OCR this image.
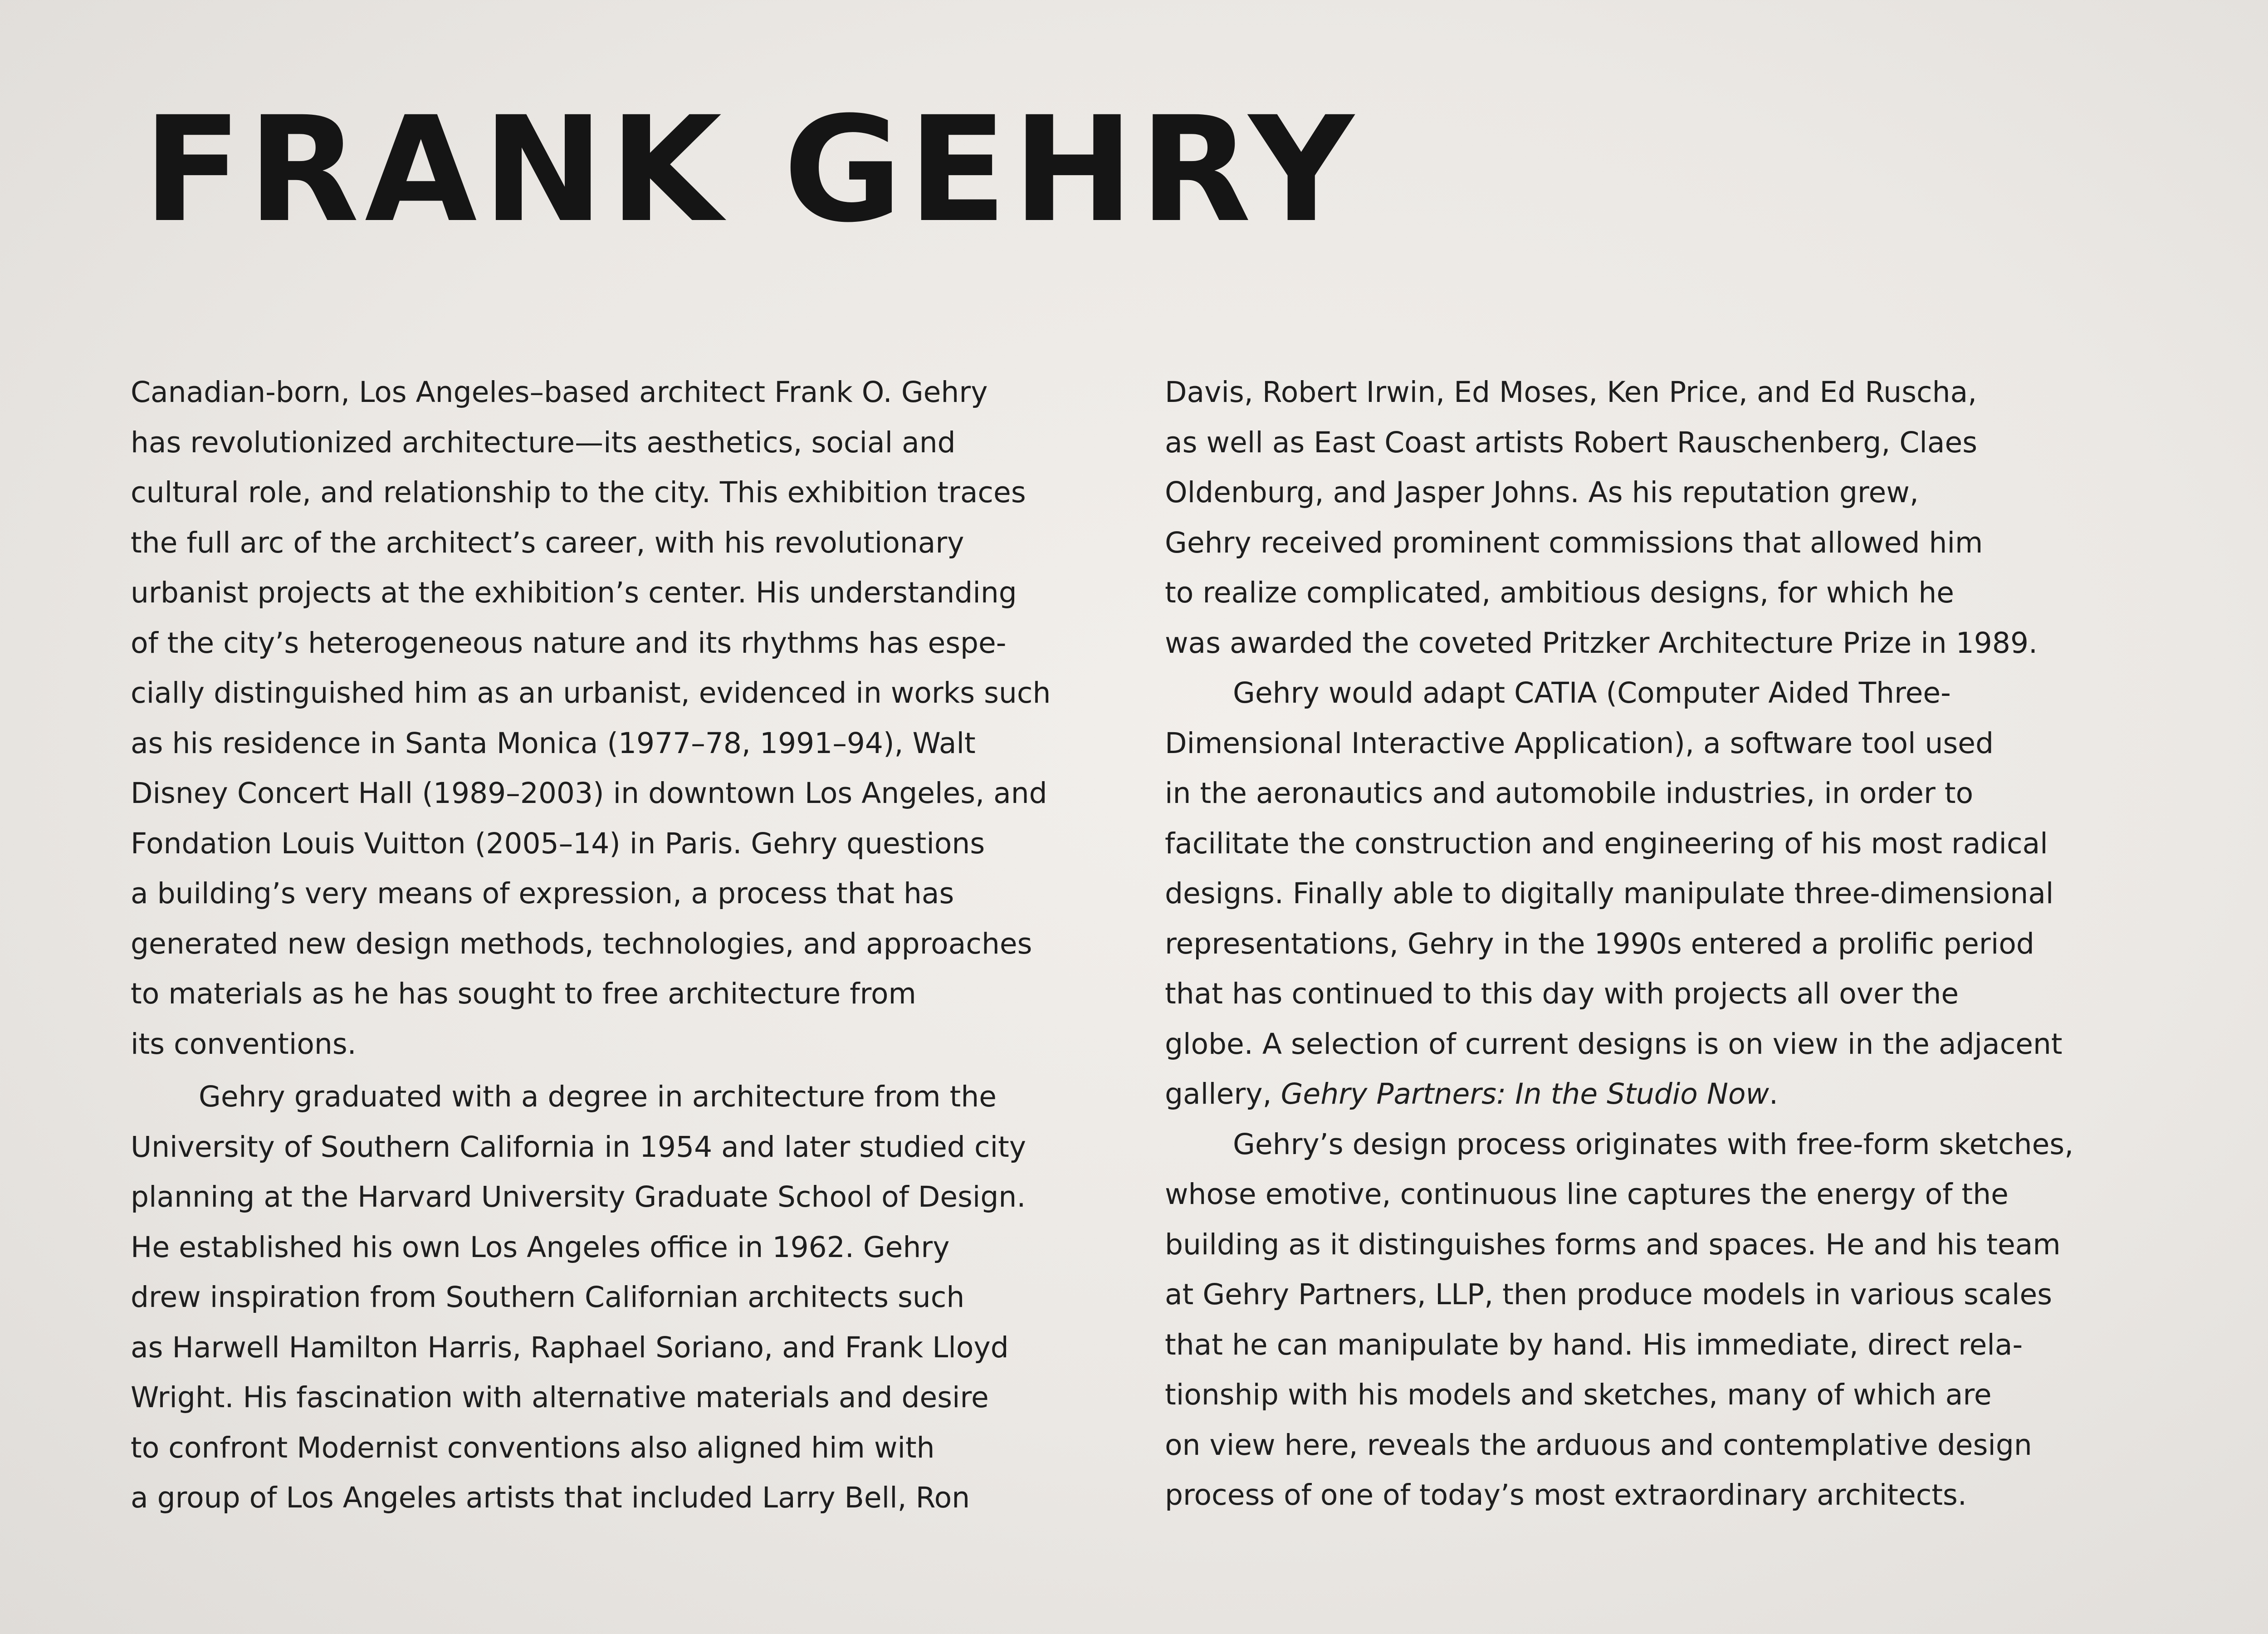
FRANK GEHRY
Canadian-born, Los Angeles–based architect Frank O. Gehry
has revolutionized architecture—its aesthetics, social and
cultural role, and relationship to the city. This exhibition traces
the full arc of the architect’s career, with his revolutionary
urbanist projects at the exhibition’s center. His understanding
of the city’s heterogeneous nature and its rhythms has espe-
cially distinguished him as an urbanist, evidenced in works such
as his residence in Santa Monica (1977–78, 1991–94), Walt
Disney Concert Hall (1989–2003) in downtown Los Angeles, and
Fondation Louis Vuitton (2005–14) in Paris. Gehry questions
a building’s very means of expression, a process that has
generated new design methods, technologies, and approaches
to materials as he has sought to free architecture from
its conventions.
Gehry graduated with a degree in architecture from the
University of Southern California in 1954 and later studied city
planning at the Harvard University Graduate School of Design.
He established his own Los Angeles office in 1962. Gehry
drew inspiration from Southern Californian architects such
as Harwell Hamilton Harris, Raphael Soriano, and Frank Lloyd
Wright. His fascination with alternative materials and desire
to confront Modernist conventions also aligned him with
a group of Los Angeles artists that included Larry Bell, Ron
Davis, Robert Irwin, Ed Moses, Ken Price, and Ed Ruscha,
as well as East Coast artists Robert Rauschenberg, Claes
Oldenburg, and Jasper Johns. As his reputation grew,
Gehry received prominent commissions that allowed him
to realize complicated, ambitious designs, for which he
was awarded the coveted Pritzker Architecture Prize in 1989.
Gehry would adapt CATIA (Computer Aided Three-
Dimensional Interactive Application), a software tool used
in the aeronautics and automobile industries, in order to
facilitate the construction and engineering of his most radical
designs. Finally able to digitally manipulate three-dimensional
representations, Gehry in the 1990s entered a prolific period
that has continued to this day with projects all over the
globe. A selection of current designs is on view in the adjacent
gallery, Gehry Partners: In the Studio Now.
Gehry’s design process originates with free-form sketches,
whose emotive, continuous line captures the energy of the
building as it distinguishes forms and spaces. He and his team
at Gehry Partners, LLP, then produce models in various scales
that he can manipulate by hand. His immediate, direct rela-
tionship with his models and sketches, many of which are
on view here, reveals the arduous and contemplative design
process of one of today’s most extraordinary architects.
